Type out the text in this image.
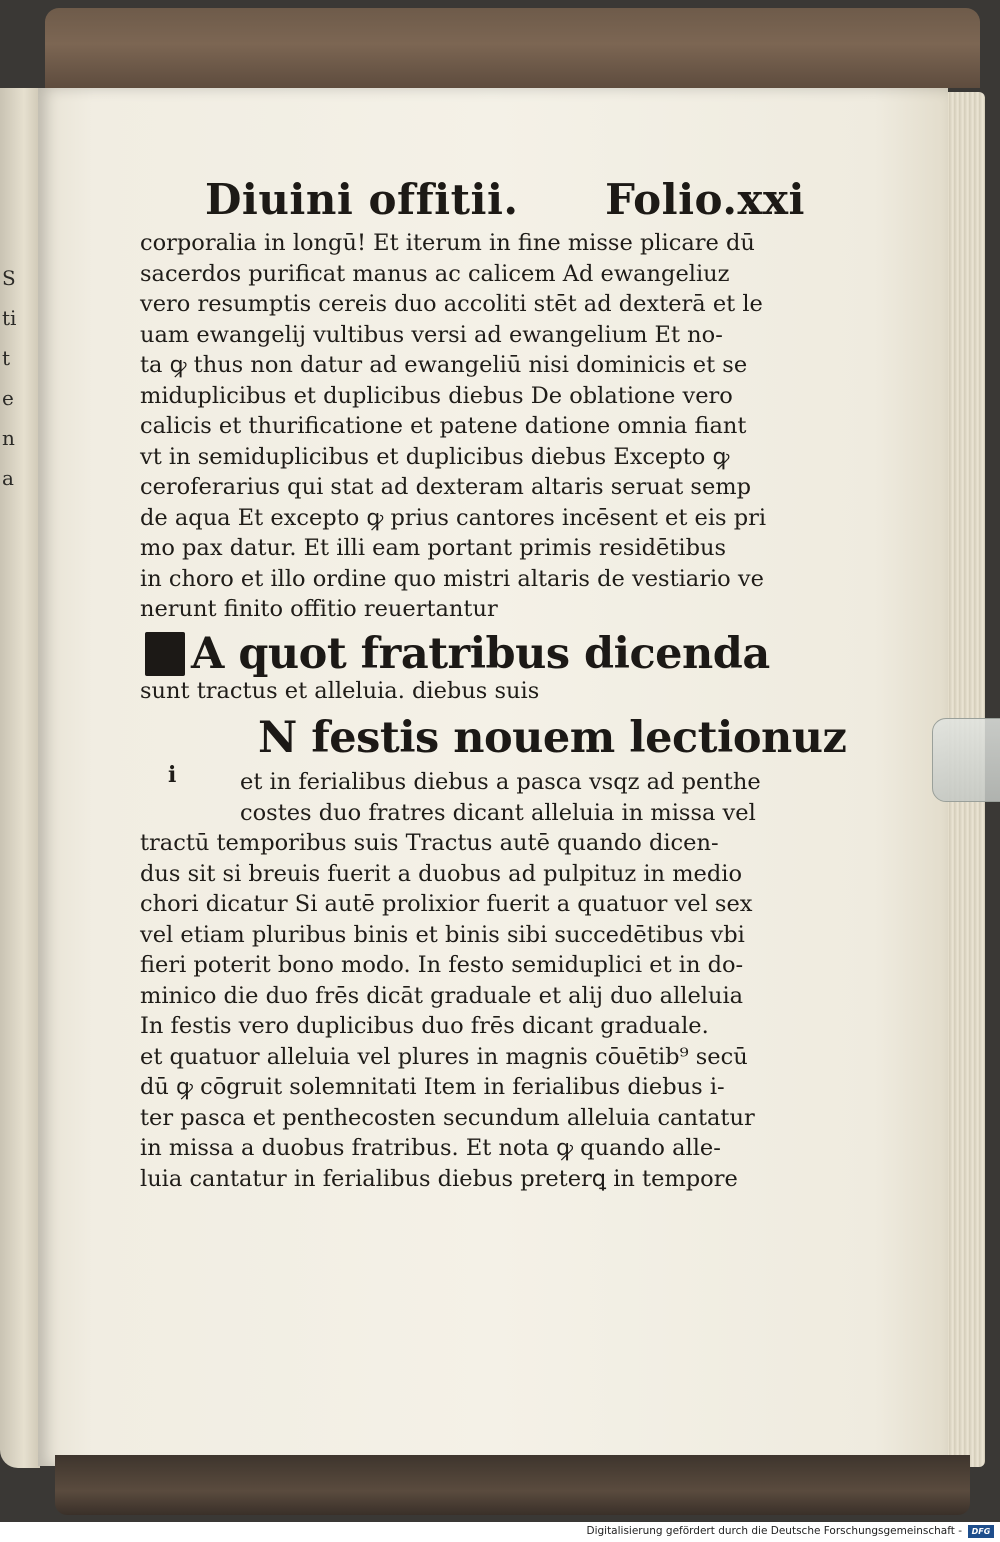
S ti t e n a
Diuini offitii. Folio.xxi
corporalia in longū! Et iterum in fine misse plicare dū
sacerdos purificat manus ac calicem Ad ewangeliuz
vero resumptis cereis duo accoliti stēt ad dexterā et le
uam ewangelij vultibus versi ad ewangelium Et no-
ta ꝙ thus non datur ad ewangeliū nisi dominicis et se
miduplicibus et duplicibus diebus De oblatione vero
calicis et thurificatione et patene datione omnia fiant
vt in semiduplicibus et duplicibus diebus Excepto ꝙ
ceroferarius qui stat ad dexteram altaris seruat semp
de aqua Et excepto ꝙ prius cantores incēsent et eis pri
mo pax datur. Et illi eam portant primis residētibus
in choro et illo ordine quo mistri altaris de vestiario ve
nerunt finito offitio reuertantur
A quot fratribus dicenda
sunt tractus et alleluia. diebus suis
N festis nouem lectionuz
i	et in ferialibus diebus a pasca vsqz ad penthe
costes duo fratres dicant alleluia in missa vel
tractū temporibus suis Tractus autē quando dicen-
dus sit si breuis fuerit a duobus ad pulpituz in medio
chori dicatur Si autē prolixior fuerit a quatuor vel sex
vel etiam pluribus binis et binis sibi succedētibus vbi
fieri poterit bono modo. In festo semiduplici et in do-
minico die duo frēs dicāt graduale et alij duo alleluia
In festis vero duplicibus duo frēs dicant graduale.
et quatuor alleluia vel plures in magnis cōuētib⁹ secū
dū ꝙ cōgruit solemnitati Item in ferialibus diebus i-
ter pasca et penthecosten secundum alleluia cantatur
in missa a duobus fratribus. Et nota ꝙ quando alle-
luia cantatur in ferialibus diebus preterꝗ in tempore
Digitalisierung gefördert durch die Deutsche Forschungsgemeinschaft -	DFG
